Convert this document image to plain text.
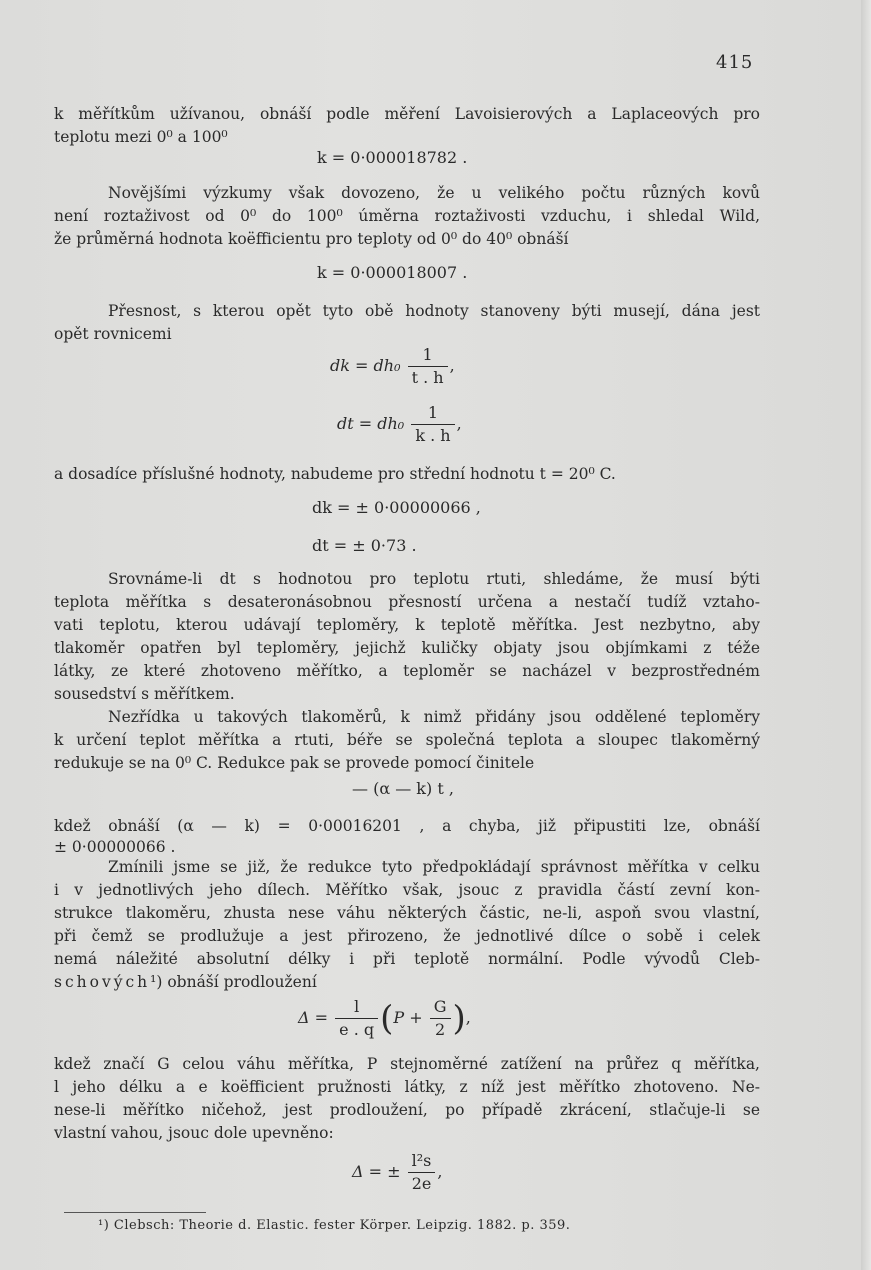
415
k měřítkům užívanou, obnáší podle měření Lavoisierových a Laplaceových pro
teplotu mezi 0⁰ a 100⁰
k = 0·000018782 .
Novějšími výzkumy však dovozeno, že u velikého počtu různých kovů
není roztaživost od 0⁰ do 100⁰ úměrna roztaživosti vzduchu, i shledal Wild,
že průměrná hodnota koëfficientu pro teploty od 0⁰ do 40⁰ obnáší
k = 0·000018007 .
Přesnost, s kterou opět tyto obě hodnoty stanoveny býti musejí, dána jest
opět rovnicemi
dk = $dh_0 \frac{1}{t . h}$ ,
dt = $dh_0 \frac{1}{k . h}$ ,
a dosadíce příslušné hodnoty, nabudeme pro střední hodnotu t = 20⁰ C.
dk = ± 0·00000066 ,
dt = ± 0·73 .
Srovnáme-li dt s hodnotou pro teplotu rtuti, shledáme, že musí býti
teplota měřítka s desateronásobnou přesností určena a nestačí tudíž vztaho-
vati teplotu, kterou udávají teploměry, k teplotě měřítka. Jest nezbytno, aby
tlakoměr opatřen byl teploměry, jejichž kuličky objaty jsou objímkami z téže
látky, ze které zhotoveno měřítko, a teploměr se nacházel v bezprostředném
sousedství s měřítkem.
Nezřídka u takových tlakoměrů, k nimž přidány jsou oddělené teploměry
k určení teplot měřítka a rtuti, béře se společná teplota a sloupec tlakoměrný
redukuje se na 0⁰ C. Redukce pak se provede pomocí činitele
— (α — k) t ,
kdež obnáší (α — k) = 0·00016201 , a chyba, již připustiti lze, obnáší
± 0·00000066 .
Zmínili jsme se již, že redukce tyto předpokládají správnost měřítka v celku
i v jednotlivých jeho dílech. Měřítko však, jsouc z pravidla částí zevní kon-
strukce tlakoměru, zhusta nese váhu některých částic, ne-li, aspoň svou vlastní,
při čemž se prodlužuje a jest přirozeno, že jednotlivé dílce o sobě i celek
nemá náležité absolutní délky i při teplotě normální. Podle vývodů Cleb-
schových¹) obnáší prodloužení
$\Delta = \frac{l}{e . q} (P + \frac{G}{2}$ ),
kdež značí G celou váhu měřítka, P stejnoměrné zatížení na průřez q měřítka,
l jeho délku a e koëfficient pružnosti látky, z níž jest měřítko zhotoveno. Ne-
nese-li měřítko ničehož, jest prodloužení, po případě zkrácení, stlačuje-li se
vlastní vahou, jsouc dole upevněno:
Δ = ± $\frac{\text{l²s}}{2e}$ ,
¹) Clebsch: Theorie d. Elastic. fester Körper. Leipzig. 1882. p. 359.
